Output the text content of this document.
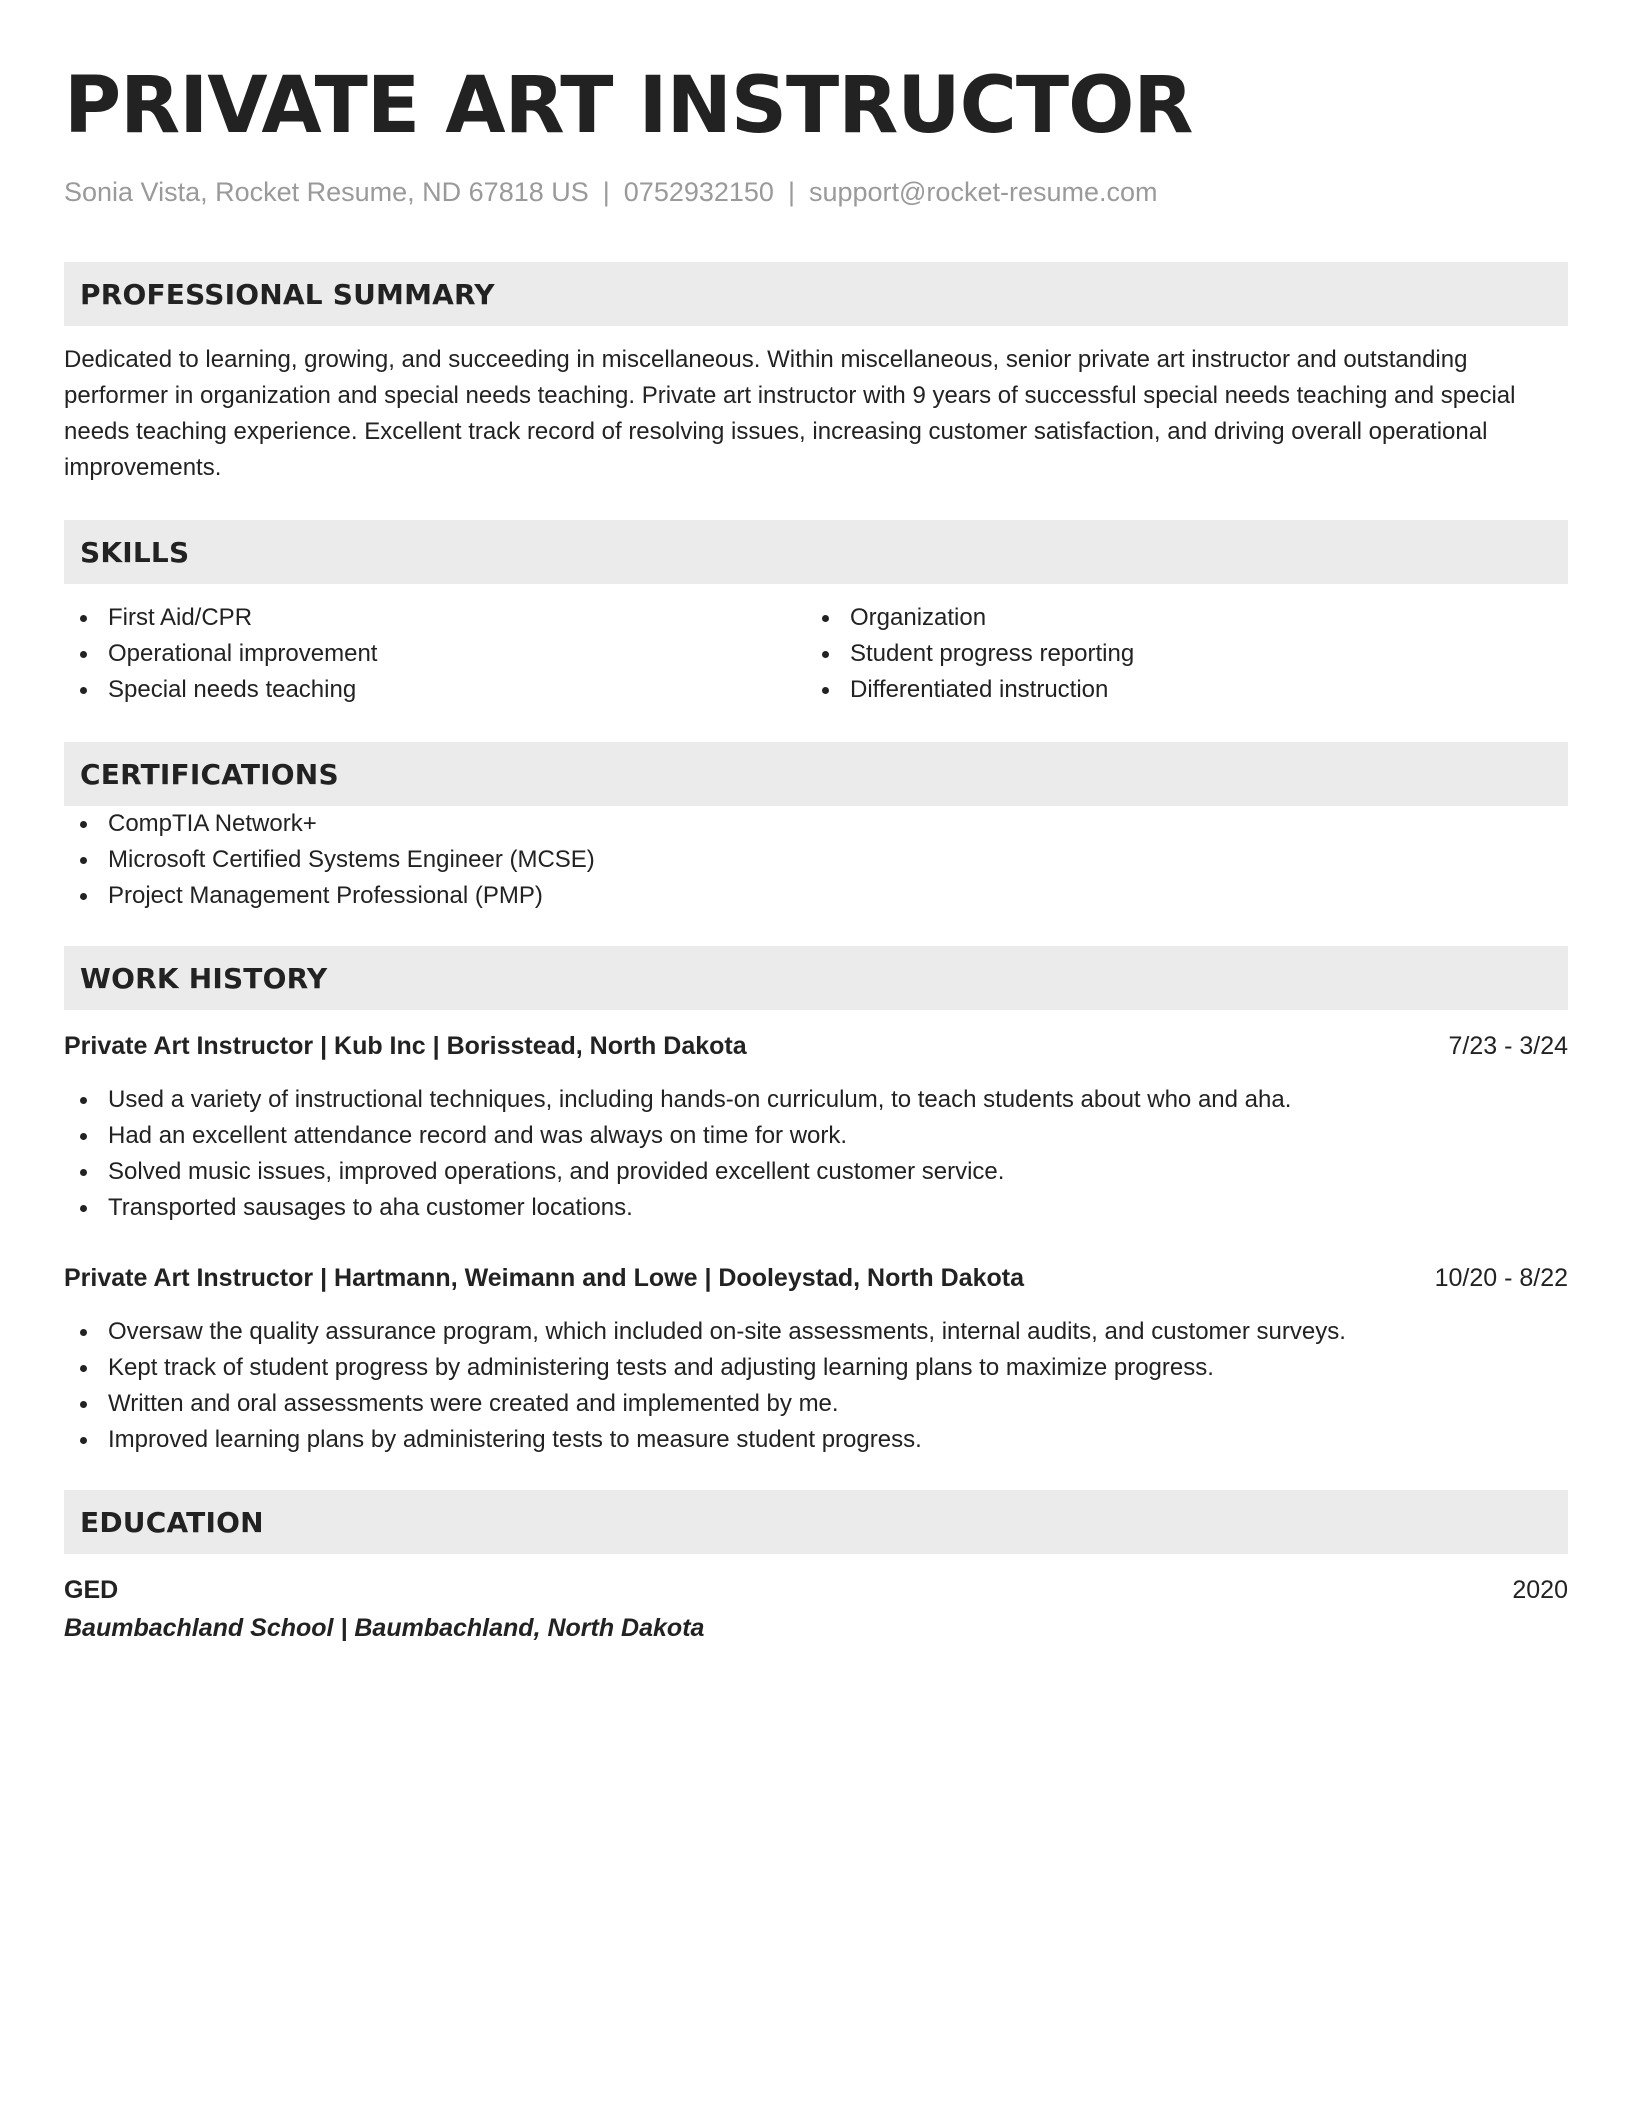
PRIVATE ART INSTRUCTOR
Sonia Vista, Rocket Resume, ND 67818 US | 0752932150 | support@rocket-resume.com
PROFESSIONAL SUMMARY
Dedicated to learning, growing, and succeeding in miscellaneous. Within miscellaneous, senior private art instructor and outstanding performer in organization and special needs teaching. Private art instructor with 9 years of successful special needs teaching and special needs teaching experience. Excellent track record of resolving issues, increasing customer satisfaction, and driving overall operational improvements.
SKILLS
First Aid/CPR
Operational improvement
Special needs teaching
Organization
Student progress reporting
Differentiated instruction
CERTIFICATIONS
CompTIA Network+
Microsoft Certified Systems Engineer (MCSE)
Project Management Professional (PMP)
WORK HISTORY
Private Art Instructor | Kub Inc | Borisstead, North Dakota	7/23 - 3/24
Used a variety of instructional techniques, including hands-on curriculum, to teach students about who and aha.
Had an excellent attendance record and was always on time for work.
Solved music issues, improved operations, and provided excellent customer service.
Transported sausages to aha customer locations.
Private Art Instructor | Hartmann, Weimann and Lowe | Dooleystad, North Dakota	10/20 - 8/22
Oversaw the quality assurance program, which included on-site assessments, internal audits, and customer surveys.
Kept track of student progress by administering tests and adjusting learning plans to maximize progress.
Written and oral assessments were created and implemented by me.
Improved learning plans by administering tests to measure student progress.
EDUCATION
GED	2020
Baumbachland School | Baumbachland, North Dakota
